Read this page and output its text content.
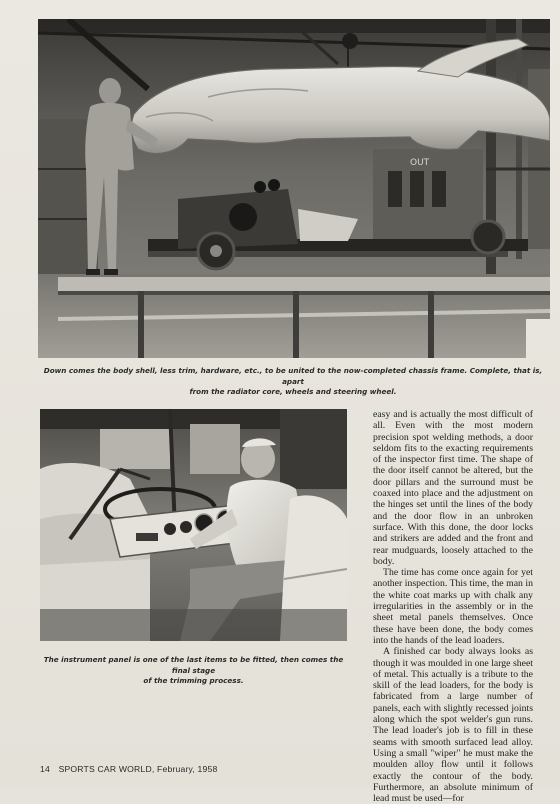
OUT
Down comes the body shell, less trim, hardware, etc., to be united to the now-completed chassis frame. Complete, that is, apart
from the radiator core, wheels and steering wheel.
The instrument panel is one of the last items to be fitted, then comes the final stage
of the trimming process.

easy and is actually the most difficult of all. Even with the most modern precision spot welding methods, a door seldom fits to the exacting requirements of the inspector first time. The shape of the door itself cannot be altered, but the door pillars and the surround must be coaxed into place and the adjustment on the hinges set until the lines of the body and the door flow in an unbroken surface. With this done, the door locks and strikers are added and the front and rear mudguards, loosely attached to the body.

The time has come once again for yet another inspection. This time, the man in the white coat marks up with chalk any irregularities in the assembly or in the sheet metal panels themselves. Once these have been done, the body comes into the hands of the lead loaders.

A finished car body always looks as though it was moulded in one large sheet of metal. This actually is a tribute to the skill of the lead loaders, for the body is fabricated from a large number of panels, each with slightly recessed joints along which the spot welder's gun runs. The lead loader's job is to fill in these seams with smooth surfaced lead alloy. Using a small "wiper" he must make the moulden alloy flow until it follows exactly the contour of the body. Furthermore, an absolute minimum of lead must be used—for

14 SPORTS CAR WORLD, February, 1958
